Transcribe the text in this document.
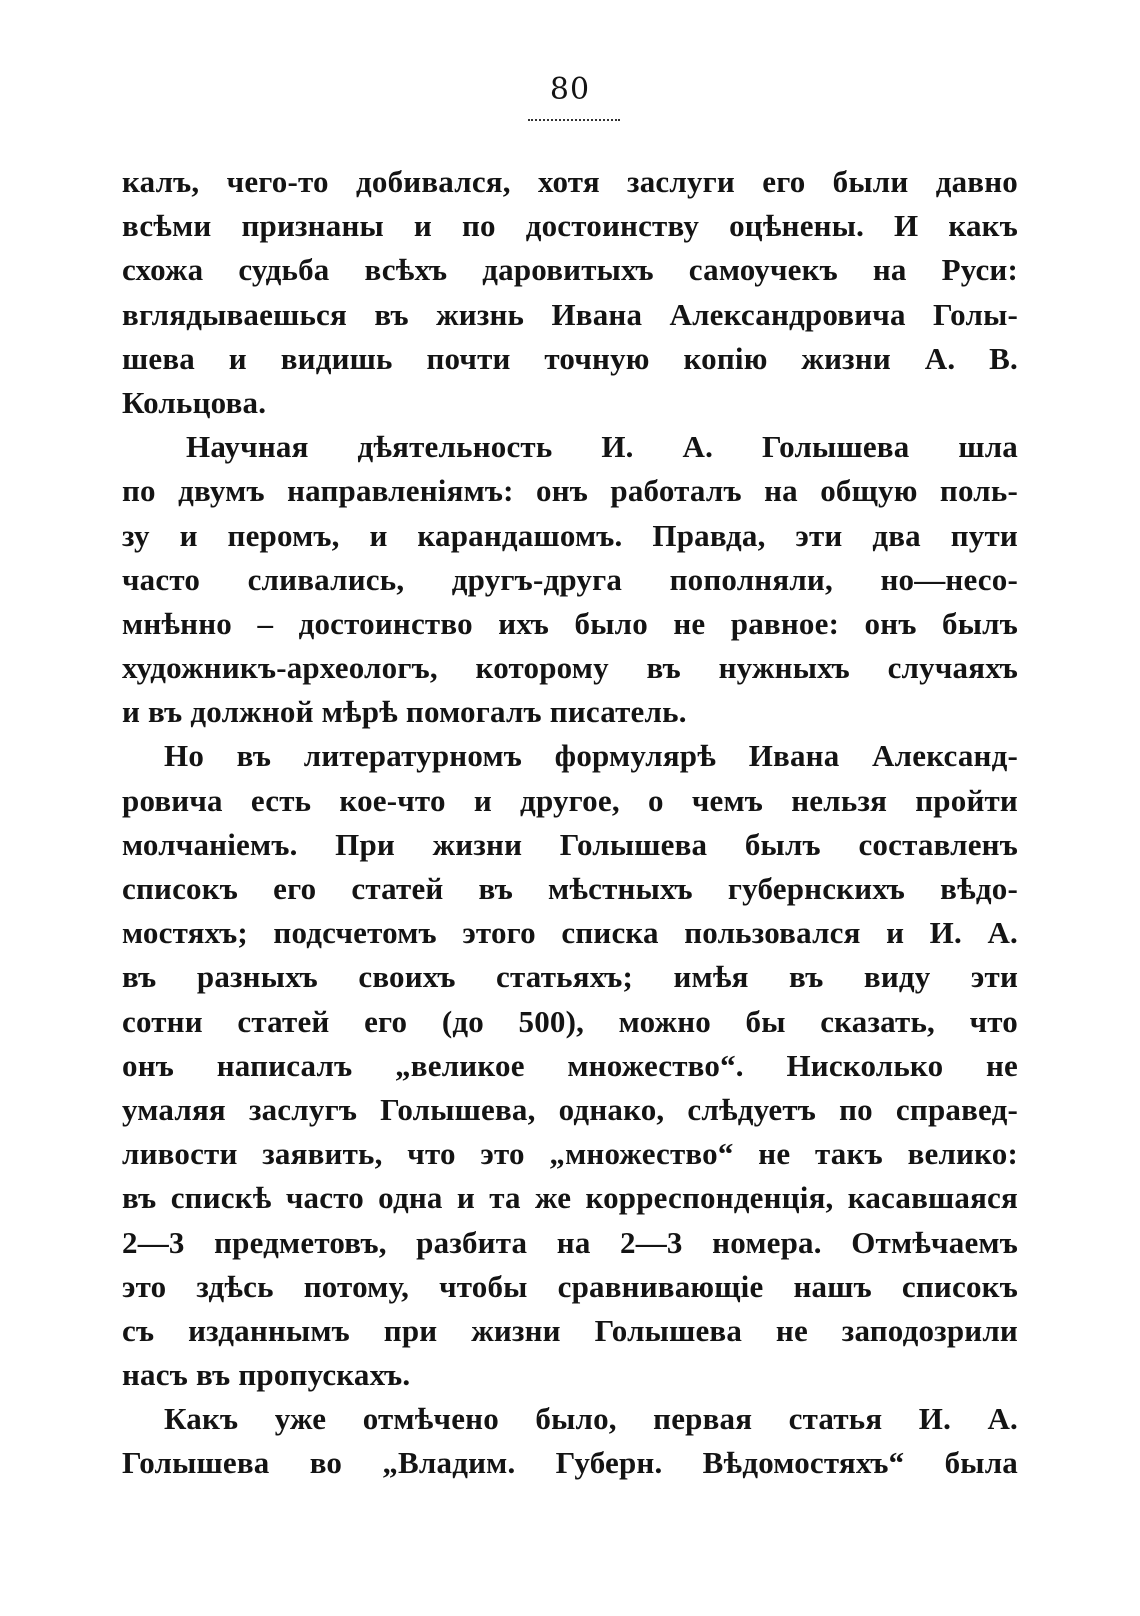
80
калъ, чего-то добивался, хотя заслуги его были давно
всѣми признаны и по достоинству оцѣнены. И какъ
схожа судьба всѣхъ даровитыхъ самоучекъ на Руси:
вглядываешься въ жизнь Ивана Александровича Голы-
шева и видишь почти точную копію жизни А. В.
Кольцова.
Научная дѣятельность И. А. Голышева шла
по двумъ направленіямъ: онъ работалъ на общую поль-
зу и перомъ, и карандашомъ. Правда, эти два пути
часто сливались, другъ-друга пополняли, но—несо-
мнѣнно – достоинство ихъ было не равное: онъ былъ
художникъ-археологъ, которому въ нужныхъ случаяхъ
и въ должной мѣрѣ помогалъ писатель.
Но въ литературномъ формулярѣ Ивана Александ-
ровича есть кое-что и другое, о чемъ нельзя пройти
молчаніемъ. При жизни Голышева былъ составленъ
списокъ его статей въ мѣстныхъ губернскихъ вѣдо-
мостяхъ; подсчетомъ этого списка пользовался и И. А.
въ разныхъ своихъ статьяхъ; имѣя въ виду эти
сотни статей его (до 500), можно бы сказать, что
онъ написалъ „великое множество“. Нисколько не
умаляя заслугъ Голышева, однако, слѣдуетъ по справед-
ливости заявить, что это „множество“ не такъ велико:
въ спискѣ часто одна и та же корреспонденція, касавшаяся
2—3 предметовъ, разбита на 2—3 номера. Отмѣчаемъ
это здѣсь потому, чтобы сравнивающіе нашъ списокъ
съ изданнымъ при жизни Голышева не заподозрили
насъ въ пропускахъ.
Какъ уже отмѣчено было, первая статья И. А.
Голышева во „Владим. Губерн. Вѣдомостяхъ“ была
